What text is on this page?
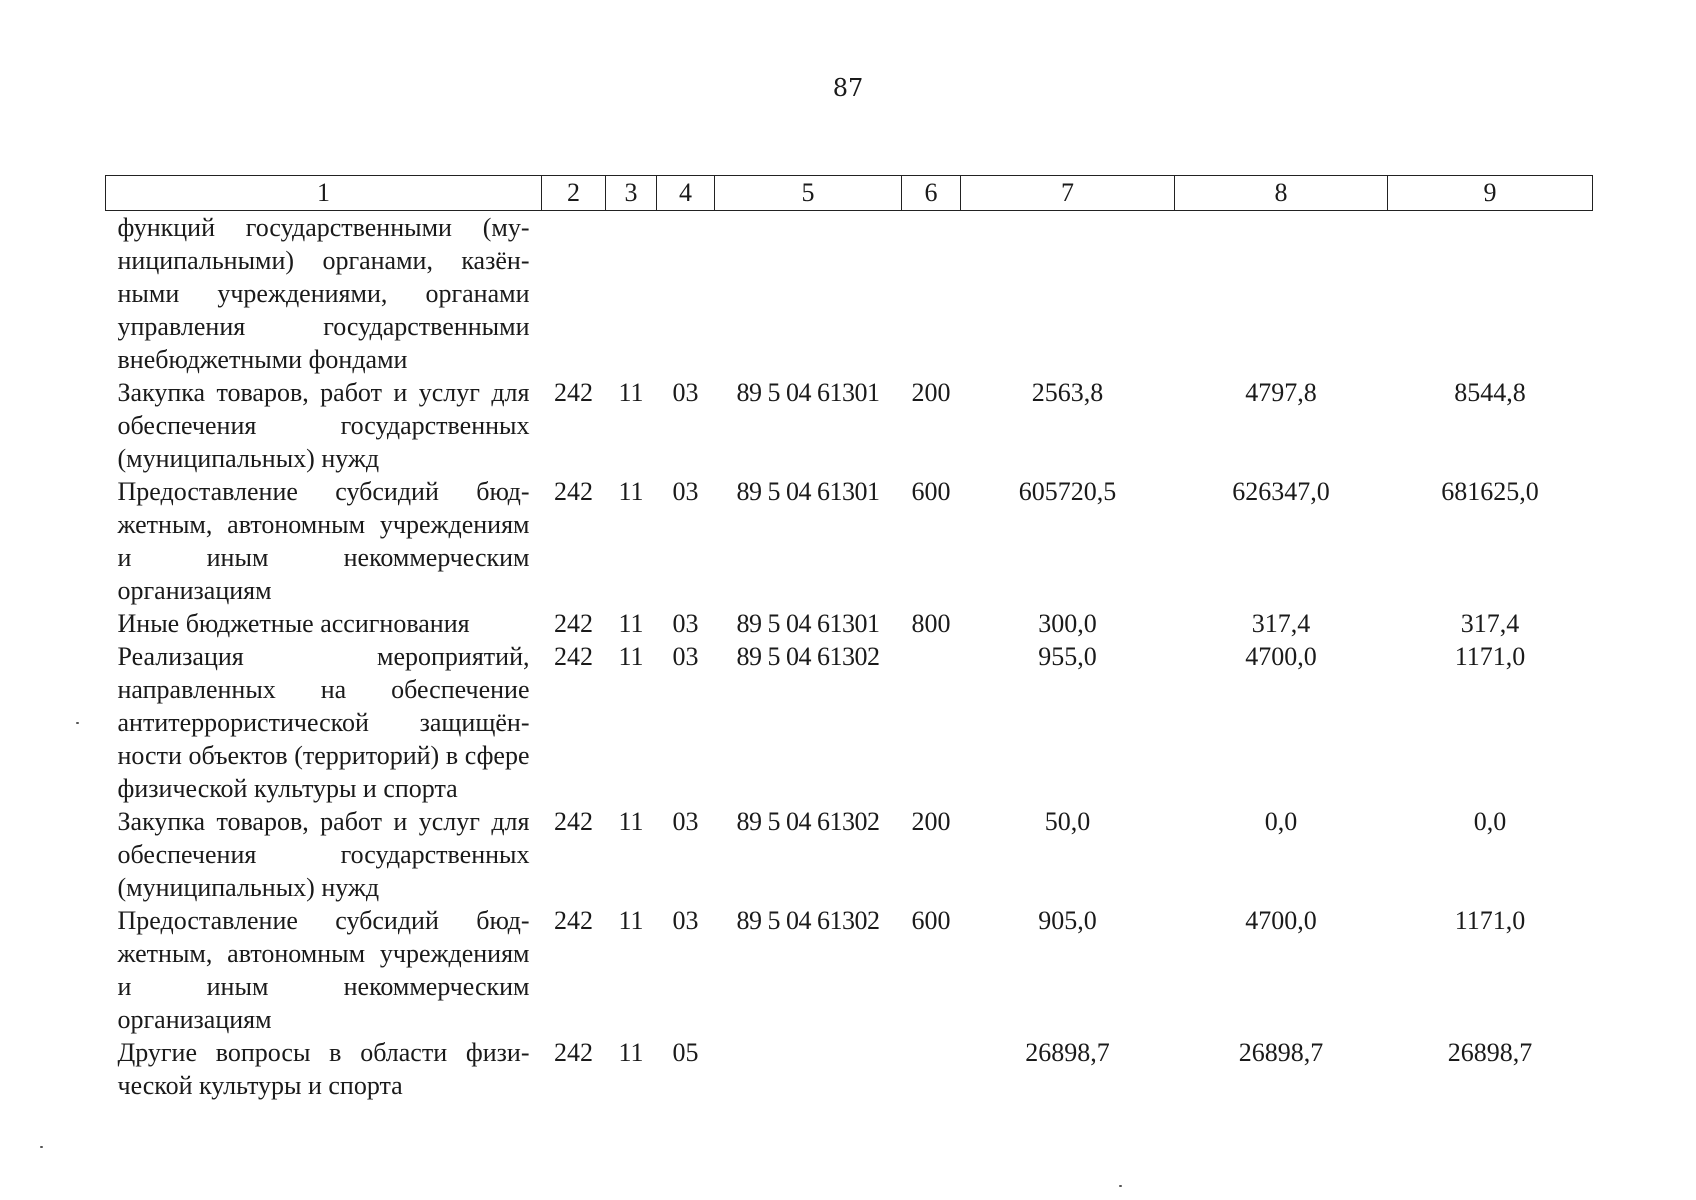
87
1	2	3	4	5	6	7	8	9
функций государственными (муниципальными) органами, казёнными учреждениями, органами управления государственными внебюджетными фондами								
Закупка товаров, работ и услуг для обеспечения государственных (муниципальных) нужд	242	11	03	89 5 04 61301	200	2563,8	4797,8	8544,8
Предоставление субсидий бюджетным, автономным учреждениям и иным некоммерческим организациям	242	11	03	89 5 04 61301	600	605720,5	626347,0	681625,0
Иные бюджетные ассигнования	242	11	03	89 5 04 61301	800	300,0	317,4	317,4
Реализация мероприятий, направленных на обеспечение антитеррористической защищённости объектов (территорий) в сфере физической культуры и спорта	242	11	03	89 5 04 61302		955,0	4700,0	1171,0
Закупка товаров, работ и услуг для обеспечения государственных (муниципальных) нужд	242	11	03	89 5 04 61302	200	50,0	0,0	0,0
Предоставление субсидий бюджетным, автономным учреждениям и иным некоммерческим организациям	242	11	03	89 5 04 61302	600	905,0	4700,0	1171,0
Другие вопросы в области физической культуры и спорта	242	11	05			26898,7	26898,7	26898,7
